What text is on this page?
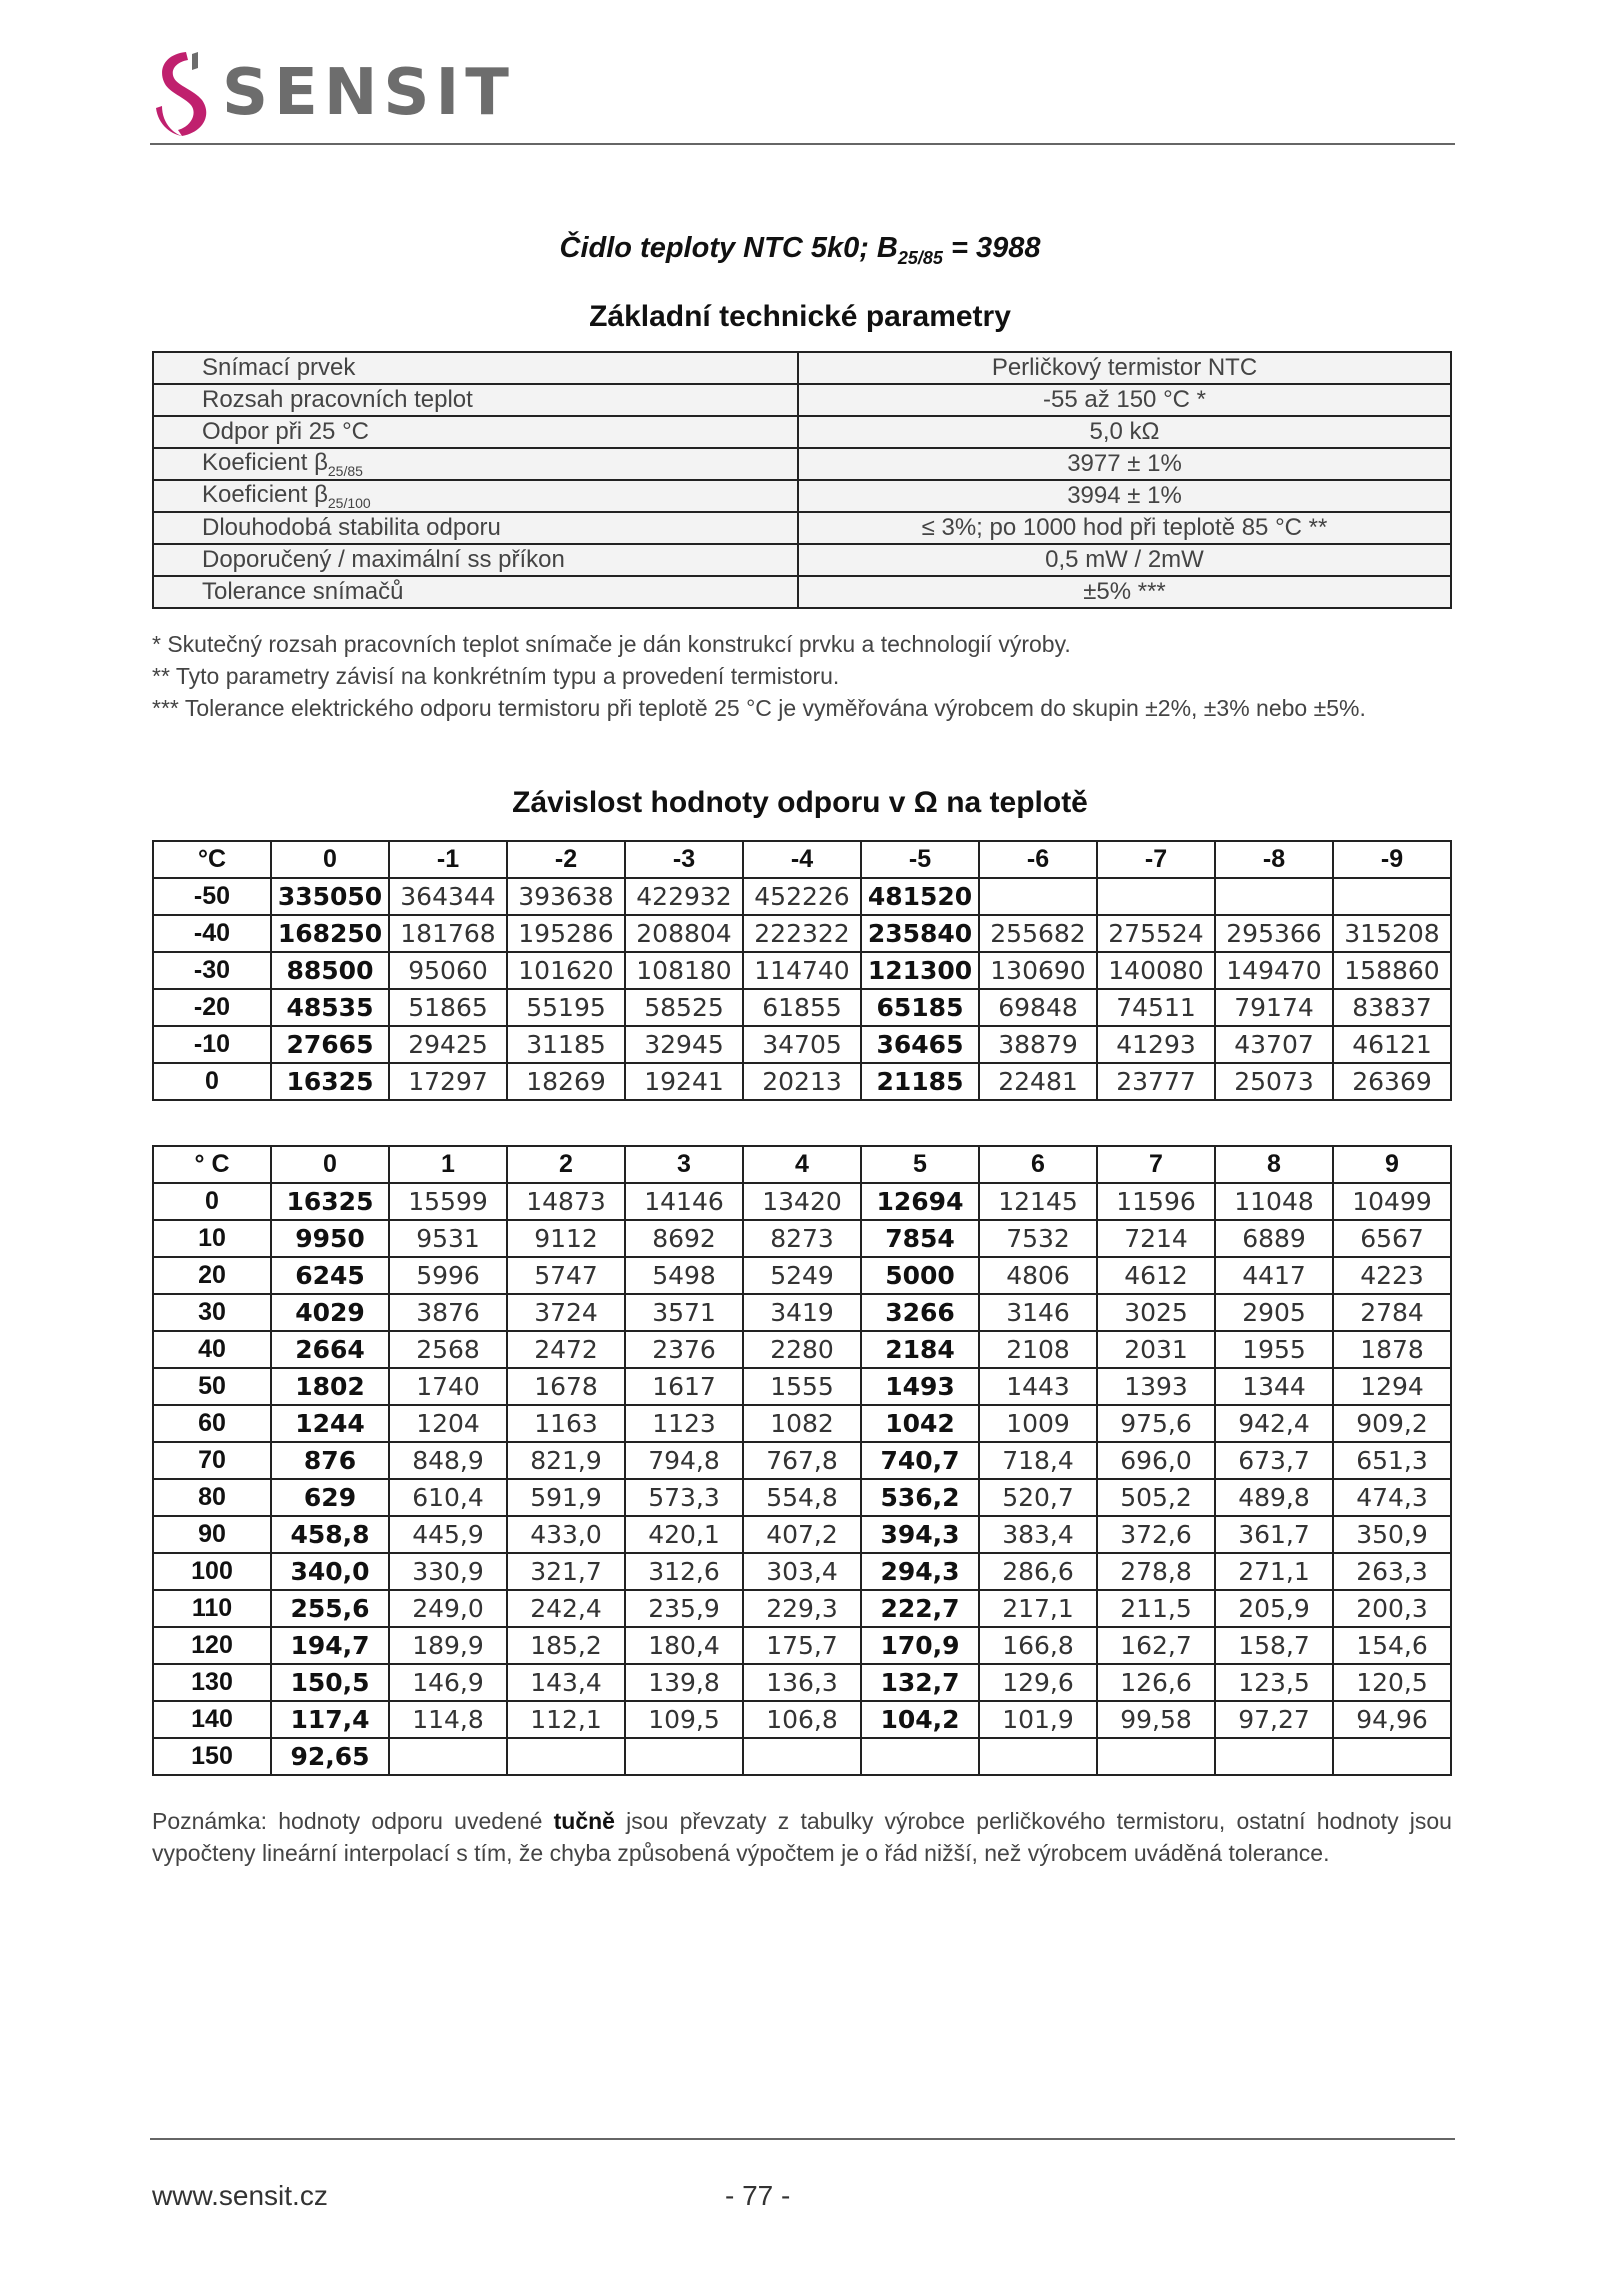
SENSIT
Čidlo teploty NTC 5k0; $B_{25/85} = 3988$
Základní technické parametry
Snímací prvek	Perličkový termistor NTC
Rozsah pracovních teplot	-55 až 150 °C *
Odpor při 25 °C	5,0 kΩ
Koeficient $\beta_{25/85}$	3977 ± 1%
Koeficient $\beta_{25/100}$	3994 ± 1%
Dlouhodobá stabilita odporu	≤ 3%; po 1000 hod při teplotě 85 °C **
Doporučený / maximální ss příkon	0,5 mW / 2mW
Tolerance snímačů	±5% ***

* Skutečný rozsah pracovních teplot snímače je dán konstrukcí prvku a technologií výroby.

** Tyto parametry závisí na konkrétním typu a provedení termistoru.

*** Tolerance elektrického odporu termistoru při teplotě 25 °C je vyměřována výrobcem do skupin ±2%, ±3% nebo ±5%.

Závislost hodnoty odporu v Ω na teplotě
°C	0	-1	-2	-3	-4	-5	-6	-7	-8	-9
-50	335050	364344	393638	422932	452226	481520				
-40	168250	181768	195286	208804	222322	235840	255682	275524	295366	315208
-30	88500	95060	101620	108180	114740	121300	130690	140080	149470	158860
-20	48535	51865	55195	58525	61855	65185	69848	74511	79174	83837
-10	27665	29425	31185	32945	34705	36465	38879	41293	43707	46121
0	16325	17297	18269	19241	20213	21185	22481	23777	25073	26369
° C	0	1	2	3	4	5	6	7	8	9
0	16325	15599	14873	14146	13420	12694	12145	11596	11048	10499
10	9950	9531	9112	8692	8273	7854	7532	7214	6889	6567
20	6245	5996	5747	5498	5249	5000	4806	4612	4417	4223
30	4029	3876	3724	3571	3419	3266	3146	3025	2905	2784
40	2664	2568	2472	2376	2280	2184	2108	2031	1955	1878
50	1802	1740	1678	1617	1555	1493	1443	1393	1344	1294
60	1244	1204	1163	1123	1082	1042	1009	975,6	942,4	909,2
70	876	848,9	821,9	794,8	767,8	740,7	718,4	696,0	673,7	651,3
80	629	610,4	591,9	573,3	554,8	536,2	520,7	505,2	489,8	474,3
90	458,8	445,9	433,0	420,1	407,2	394,3	383,4	372,6	361,7	350,9
100	340,0	330,9	321,7	312,6	303,4	294,3	286,6	278,8	271,1	263,3
110	255,6	249,0	242,4	235,9	229,3	222,7	217,1	211,5	205,9	200,3
120	194,7	189,9	185,2	180,4	175,7	170,9	166,8	162,7	158,7	154,6
130	150,5	146,9	143,4	139,8	136,3	132,7	129,6	126,6	123,5	120,5
140	117,4	114,8	112,1	109,5	106,8	104,2	101,9	99,58	97,27	94,96
150	92,65									
Poznámka: hodnoty odporu uvedené tučně jsou převzaty z tabulky výrobce perličkového termistoru, ostatní hodnoty jsou vypočteny lineární interpolací s tím, že chyba způsobená výpočtem je o řád nižší, než výrobcem uváděná tolerance.
www.sensit.cz	- 77 -
